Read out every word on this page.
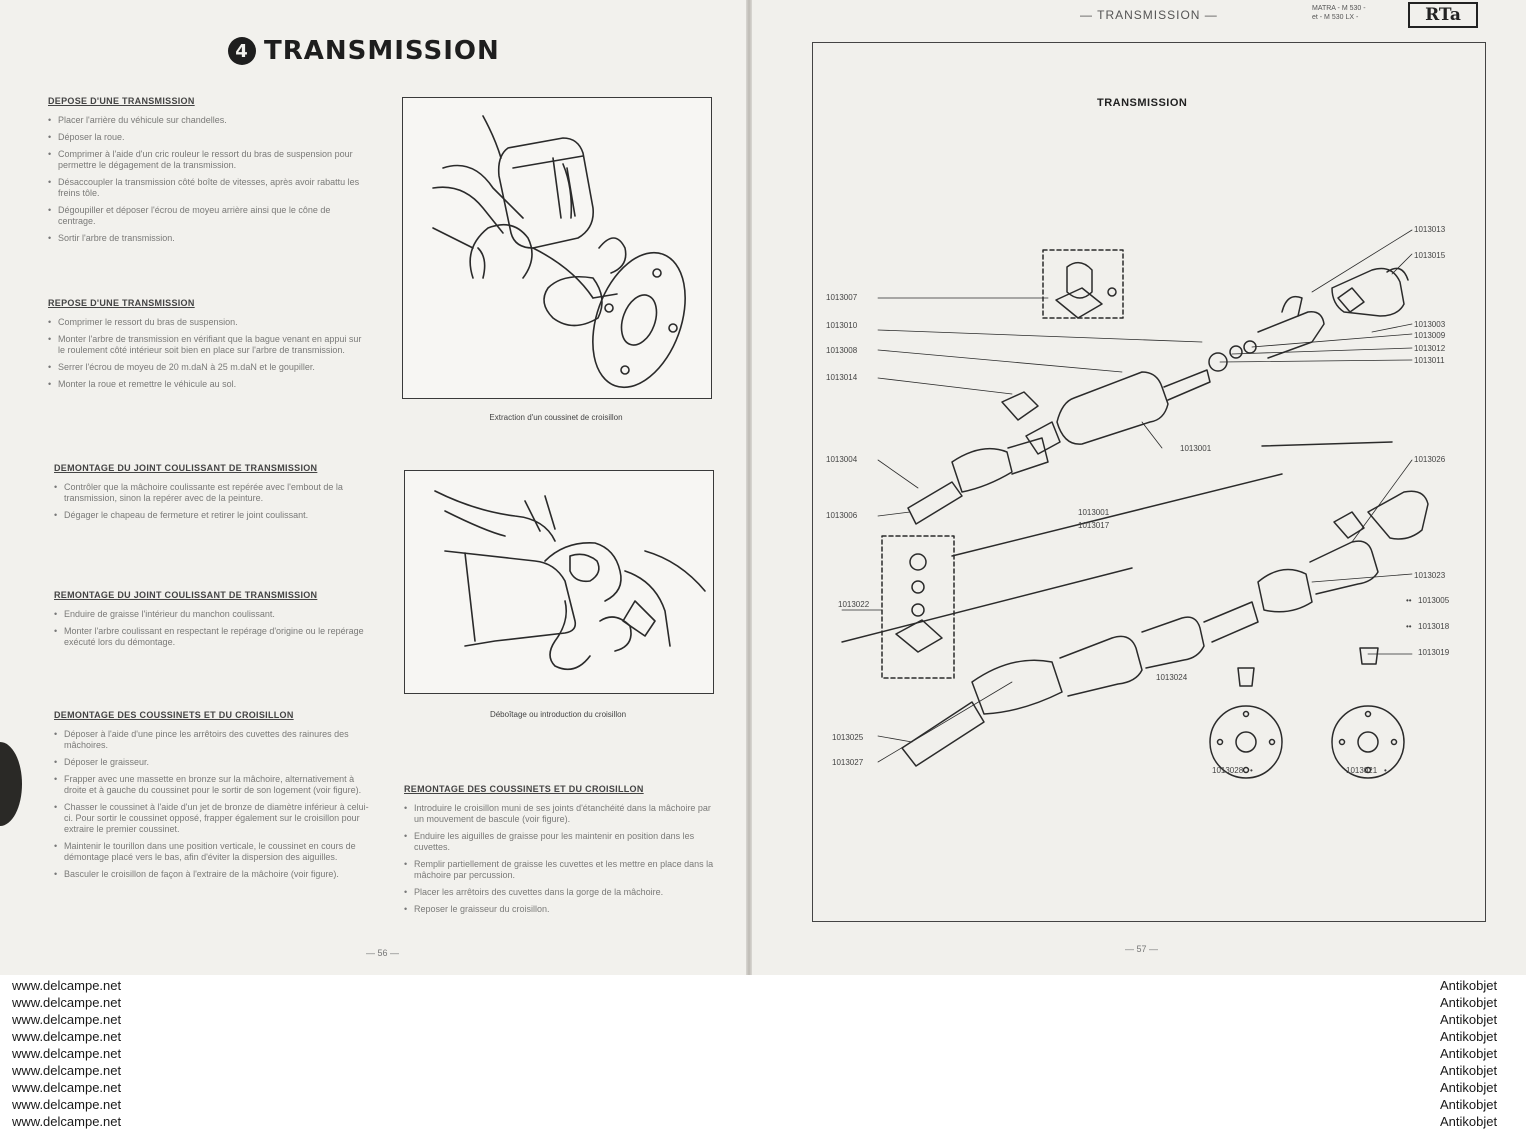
4 TRANSMISSION
DEPOSE D'UNE TRANSMISSION
• Placer l'arrière du véhicule sur chandelles.
• Déposer la roue.
• Comprimer à l'aide d'un cric rouleur le ressort du bras de suspension pour permettre le dégagement de la transmission.
• Désaccoupler la transmission côté boîte de vitesses, après avoir rabattu les freins tôle.
• Dégoupiller et déposer l'écrou de moyeu arrière ainsi que le cône de centrage.
• Sortir l'arbre de transmission.
REPOSE D'UNE TRANSMISSION
• Comprimer le ressort du bras de suspension.
• Monter l'arbre de transmission en vérifiant que la bague venant en appui sur le roulement côté intérieur soit bien en place sur l'arbre de transmission.
• Serrer l'écrou de moyeu de 20 m.daN à 25 m.daN et le goupiller.
• Monter la roue et remettre le véhicule au sol.
DEMONTAGE DU JOINT COULISSANT DE TRANSMISSION
• Contrôler que la mâchoire coulissante est repérée avec l'embout de la transmission, sinon la repérer avec de la peinture.
• Dégager le chapeau de fermeture et retirer le joint coulissant.
REMONTAGE DU JOINT COULISSANT DE TRANSMISSION
• Enduire de graisse l'intérieur du manchon coulissant.
• Monter l'arbre coulissant en respectant le repérage d'origine ou le repérage exécuté lors du démontage.
DEMONTAGE DES COUSSINETS ET DU CROISILLON
• Déposer à l'aide d'une pince les arrêtoirs des cuvettes des rainures des mâchoires.
• Déposer le graisseur.
• Frapper avec une massette en bronze sur la mâchoire, alternativement à droite et à gauche du coussinet pour le sortir de son logement (voir figure).
• Chasser le coussinet à l'aide d'un jet de bronze de diamètre inférieur à celui-ci. Pour sortir le coussinet opposé, frapper également sur le croisillon pour extraire le premier coussinet.
• Maintenir le tourillon dans une position verticale, le coussinet en cours de démontage placé vers le bas, afin d'éviter la dispersion des aiguilles.
• Basculer le croisillon de façon à l'extraire de la mâchoire (voir figure).
REMONTAGE DES COUSSINETS ET DU CROISILLON
• Introduire le croisillon muni de ses joints d'étanchéité dans la mâchoire par un mouvement de bascule (voir figure).
• Enduire les aiguilles de graisse pour les maintenir en position dans les cuvettes.
• Remplir partiellement de graisse les cuvettes et les mettre en place dans la mâchoire par percussion.
• Placer les arrêtoirs des cuvettes dans la gorge de la mâchoire.
• Reposer le graisseur du croisillon.
Extraction d'un coussinet de croisillon
Déboîtage ou introduction du croisillon
— 56 —
— TRANSMISSION —	MATRA - M 530 -
et - M 530 LX -	RTa
TRANSMISSION
1013007
1013010
1013008
1013014
1013004
1013006
1013022
1013025
1013027
1013013
1013015
1013003
1013009
1013012
1013011
1013001
1013026
1013001
1013017
1013023
•• 1013005
•• 1013018
1013019
1013024
1013028 •	1013021 •
— 57 —
www.delcampe.net
www.delcampe.net
www.delcampe.net
www.delcampe.net
www.delcampe.net
www.delcampe.net
www.delcampe.net
www.delcampe.net
www.delcampe.net
Antikobjet
Antikobjet
Antikobjet
Antikobjet
Antikobjet
Antikobjet
Antikobjet
Antikobjet
Antikobjet
